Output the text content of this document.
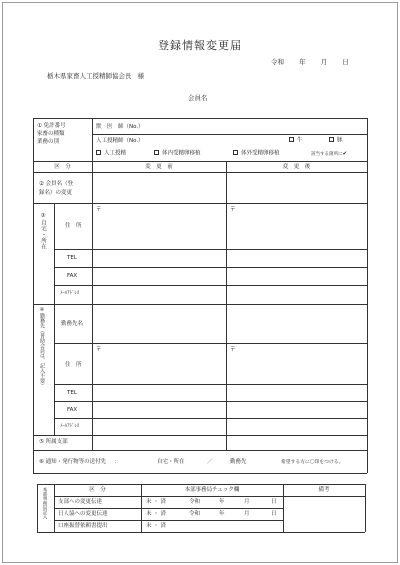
登録情報変更届
令和 年 月 日
栃木県家畜人工授精師協会長 様
会員名
① 免許番号
家畜の種類
業務の別
獣　医　師（No.）
人工授精師（No.）	牛	豚
人工授精	体内受精卵移植	体外受精卵移植	該当する箇所に✔
区　分	変　更　前	変　更　後
② 会員名（登
録名）の変更
③自宅・所在	住　所
〒	〒
TEL
FAX
ﾒｰﾙｱﾄﾞﾚｽ
④勤務先（普助会員は、記入不要）	勤務先名
住　所
〒	〒
TEL
FAX
ﾒｰﾙｱﾄﾞﾚｽ
⑤ 所属支部
⑥ 通知・発行物等の送付先 ：	自宅・所在	／	勤務先	希望する方に〇印をつける。
本部事務局記入	区　分	本部事務局チェック欄	備考
支部への変更伝達	未 ・ 済	令和	年	月	日
日人協への変更伝達	未 ・ 済	令和	年	月	日
口座振替依頼書提出	未 ・ 済
